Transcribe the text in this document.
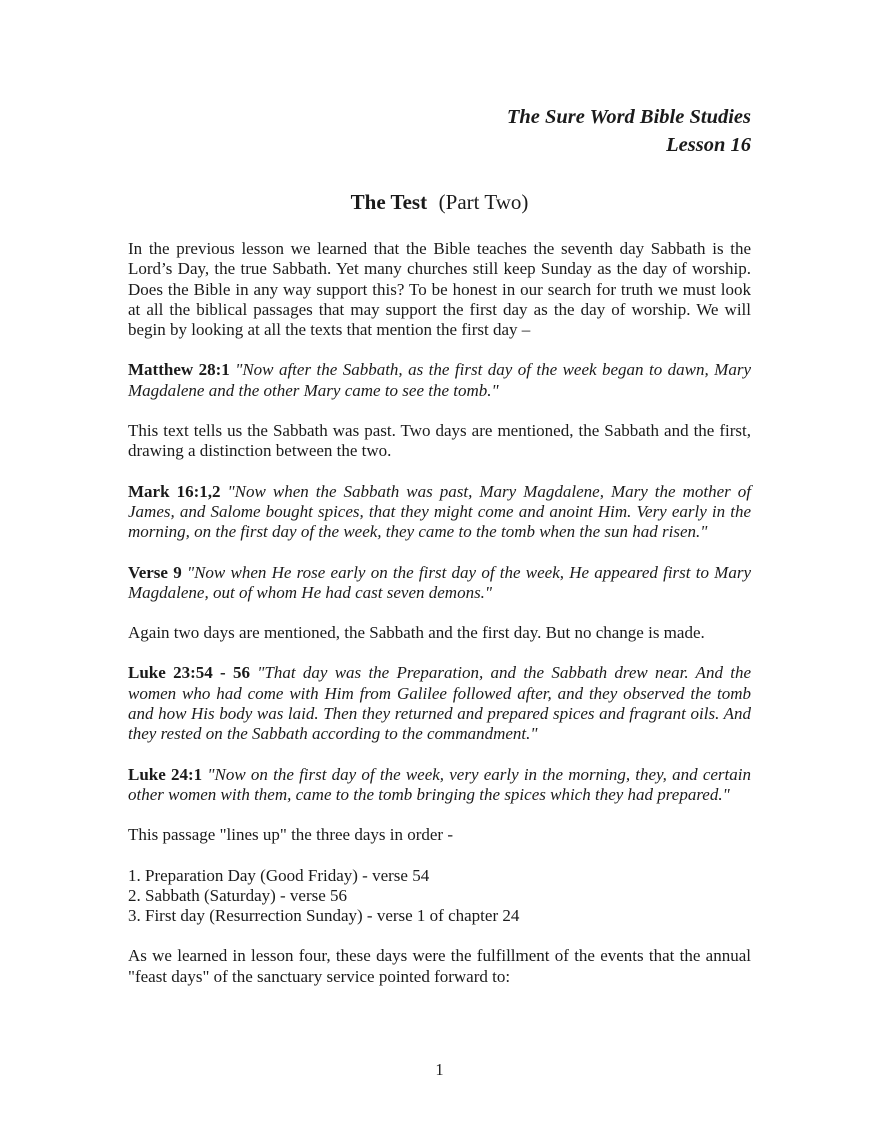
The Sure Word Bible Studies
Lesson 16
The Test (Part Two)

In the previous lesson we learned that the Bible teaches the seventh day Sabbath is the Lord’s Day, the true Sabbath. Yet many churches still keep Sunday as the day of worship. Does the Bible in any way support this? To be honest in our search for truth we must look at all the biblical passages that may support the first day as the day of worship. We will begin by looking at all the texts that mention the first day –

Matthew 28:1 "Now after the Sabbath, as the first day of the week began to dawn, Mary Magdalene and the other Mary came to see the tomb."

This text tells us the Sabbath was past. Two days are mentioned, the Sabbath and the first, drawing a distinction between the two.

Mark 16:1,2 "Now when the Sabbath was past, Mary Magdalene, Mary the mother of James, and Salome bought spices, that they might come and anoint Him. Very early in the morning, on the first day of the week, they came to the tomb when the sun had risen."

Verse 9 "Now when He rose early on the first day of the week, He appeared first to Mary Magdalene, out of whom He had cast seven demons."

Again two days are mentioned, the Sabbath and the first day. But no change is made.

Luke 23:54 - 56 "That day was the Preparation, and the Sabbath drew near. And the women who had come with Him from Galilee followed after, and they observed the tomb and how His body was laid. Then they returned and prepared spices and fragrant oils. And they rested on the Sabbath according to the commandment."

Luke 24:1 "Now on the first day of the week, very early in the morning, they, and certain other women with them, came to the tomb bringing the spices which they had prepared."

This passage "lines up" the three days in order -

1. Preparation Day (Good Friday) - verse 54
2. Sabbath (Saturday) - verse 56
3. First day (Resurrection Sunday) - verse 1 of chapter 24

As we learned in lesson four, these days were the fulfillment of the events that the annual "feast days" of the sanctuary service pointed forward to:

1
